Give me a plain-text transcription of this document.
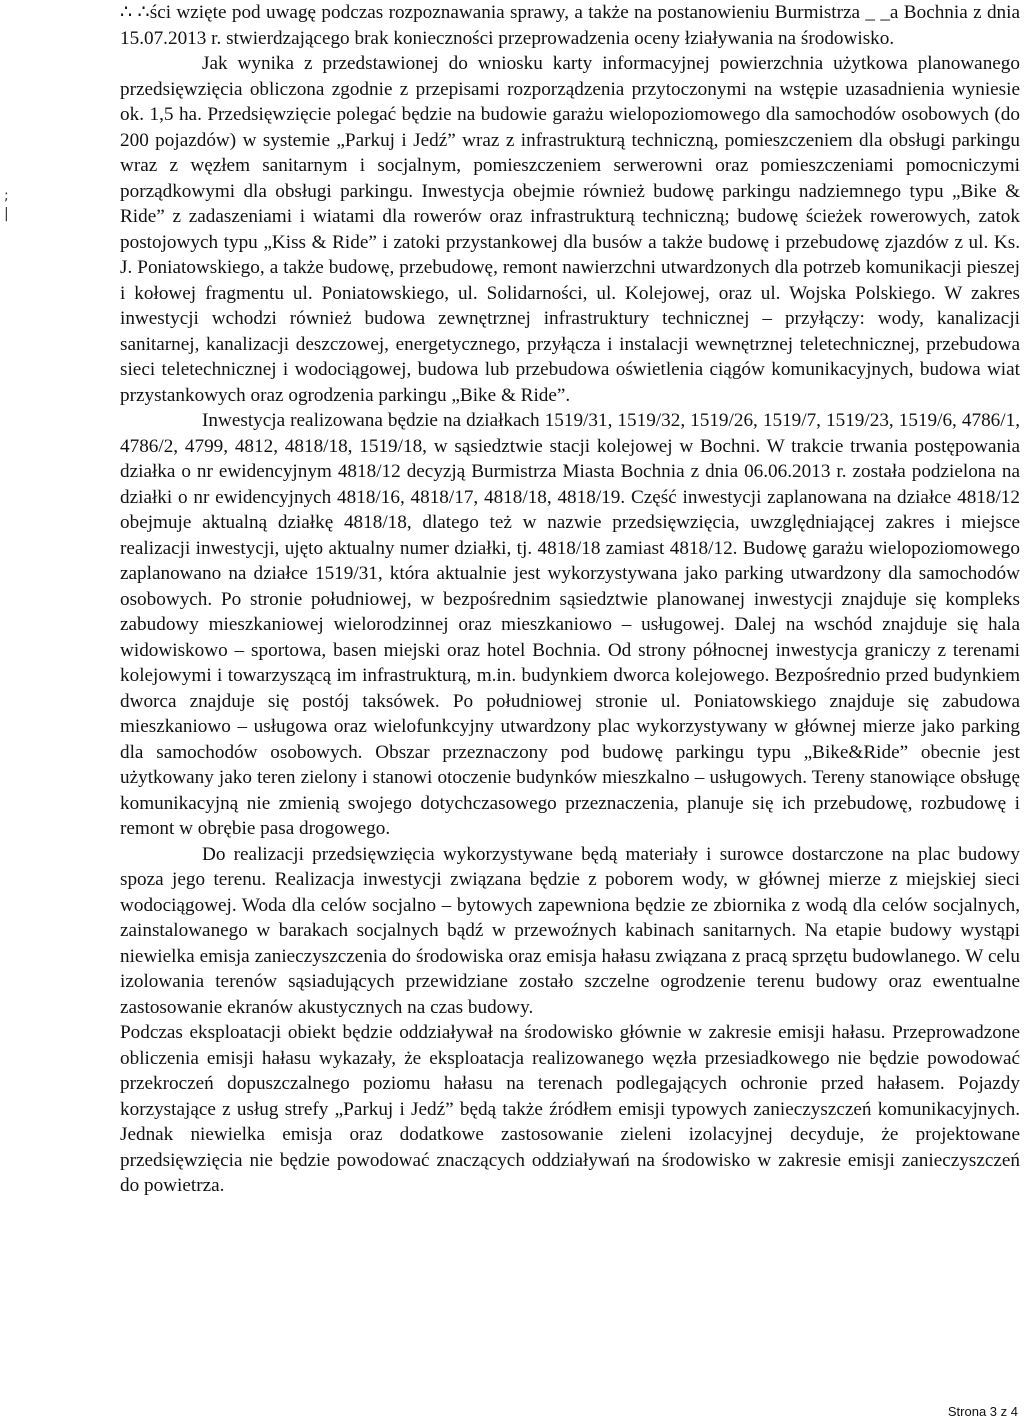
;
|

∴ ∴ści wzięte pod uwagę podczas rozpoznawania sprawy, a także na postanowieniu Burmistrza _ _a Bochnia z dnia 15.07.2013 r. stwierdzającego brak konieczności przeprowadzenia oceny łziaływania na środowisko.

Jak wynika z przedstawionej do wniosku karty informacyjnej powierzchnia użytkowa planowanego przedsięwzięcia obliczona zgodnie z przepisami rozporządzenia przytoczonymi na wstępie uzasadnienia wyniesie ok. 1,5 ha. Przedsięwzięcie polegać będzie na budowie garażu wielopoziomowego dla samochodów osobowych (do 200 pojazdów) w systemie „Parkuj i Jedź” wraz z infrastrukturą techniczną, pomieszczeniem dla obsługi parkingu wraz z węzłem sanitarnym i socjalnym, pomieszczeniem serwerowni oraz pomieszczeniami pomocniczymi porządkowymi dla obsługi parkingu. Inwestycja obejmie również budowę parkingu nadziemnego typu „Bike & Ride” z zadaszeniami i wiatami dla rowerów oraz infrastrukturą techniczną; budowę ścieżek rowerowych, zatok postojowych typu „Kiss & Ride” i zatoki przystankowej dla busów a także budowę i przebudowę zjazdów z ul. Ks. J. Poniatowskiego, a także budowę, przebudowę, remont nawierzchni utwardzonych dla potrzeb komunikacji pieszej i kołowej fragmentu ul. Poniatowskiego, ul. Solidarności, ul. Kolejowej, oraz ul. Wojska Polskiego. W zakres inwestycji wchodzi również budowa zewnętrznej infrastruktury technicznej – przyłączy: wody, kanalizacji sanitarnej, kanalizacji deszczowej, energetycznego, przyłącza i instalacji wewnętrznej teletechnicznej, przebudowa sieci teletechnicznej i wodociągowej, budowa lub przebudowa oświetlenia ciągów komunikacyjnych, budowa wiat przystankowych oraz ogrodzenia parkingu „Bike & Ride”.

Inwestycja realizowana będzie na działkach 1519/31, 1519/32, 1519/26, 1519/7, 1519/23, 1519/6, 4786/1, 4786/2, 4799, 4812, 4818/18, 1519/18, w sąsiedztwie stacji kolejowej w Bochni. W trakcie trwania postępowania działka o nr ewidencyjnym 4818/12 decyzją Burmistrza Miasta Bochnia z dnia 06.06.2013 r. została podzielona na działki o nr ewidencyjnych 4818/16, 4818/17, 4818/18, 4818/19. Część inwestycji zaplanowana na działce 4818/12 obejmuje aktualną działkę 4818/18, dlatego też w nazwie przedsięwzięcia, uwzględniającej zakres i miejsce realizacji inwestycji, ujęto aktualny numer działki, tj. 4818/18 zamiast 4818/12. Budowę garażu wielopoziomowego zaplanowano na działce 1519/31, która aktualnie jest wykorzystywana jako parking utwardzony dla samochodów osobowych. Po stronie południowej, w bezpośrednim sąsiedztwie planowanej inwestycji znajduje się kompleks zabudowy mieszkaniowej wielorodzinnej oraz mieszkaniowo – usługowej. Dalej na wschód znajduje się hala widowiskowo – sportowa, basen miejski oraz hotel Bochnia. Od strony północnej inwestycja graniczy z terenami kolejowymi i towarzyszącą im infrastrukturą, m.in. budynkiem dworca kolejowego. Bezpośrednio przed budynkiem dworca znajduje się postój taksówek. Po południowej stronie ul. Poniatowskiego znajduje się zabudowa mieszkaniowo – usługowa oraz wielofunkcyjny utwardzony plac wykorzystywany w głównej mierze jako parking dla samochodów osobowych. Obszar przeznaczony pod budowę parkingu typu „Bike&Ride” obecnie jest użytkowany jako teren zielony i stanowi otoczenie budynków mieszkalno – usługowych. Tereny stanowiące obsługę komunikacyjną nie zmienią swojego dotychczasowego przeznaczenia, planuje się ich przebudowę, rozbudowę i remont w obrębie pasa drogowego.

Do realizacji przedsięwzięcia wykorzystywane będą materiały i surowce dostarczone na plac budowy spoza jego terenu. Realizacja inwestycji związana będzie z poborem wody, w głównej mierze z miejskiej sieci wodociągowej. Woda dla celów socjalno – bytowych zapewniona będzie ze zbiornika z wodą dla celów socjalnych, zainstalowanego w barakach socjalnych bądź w przewoźnych kabinach sanitarnych. Na etapie budowy wystąpi niewielka emisja zanieczyszczenia do środowiska oraz emisja hałasu związana z pracą sprzętu budowlanego. W celu izolowania terenów sąsiadujących przewidziane zostało szczelne ogrodzenie terenu budowy oraz ewentualne zastosowanie ekranów akustycznych na czas budowy.

Podczas eksploatacji obiekt będzie oddziaływał na środowisko głównie w zakresie emisji hałasu. Przeprowadzone obliczenia emisji hałasu wykazały, że eksploatacja realizowanego węzła przesiadkowego nie będzie powodować przekroczeń dopuszczalnego poziomu hałasu na terenach podlegających ochronie przed hałasem. Pojazdy korzystające z usług strefy „Parkuj i Jedź” będą także źródłem emisji typowych zanieczyszczeń komunikacyjnych. Jednak niewielka emisja oraz dodatkowe zastosowanie zieleni izolacyjnej decyduje, że projektowane przedsięwzięcia nie będzie powodować znaczących oddziaływań na środowisko w zakresie emisji zanieczyszczeń do powietrza.

Strona 3 z 4
